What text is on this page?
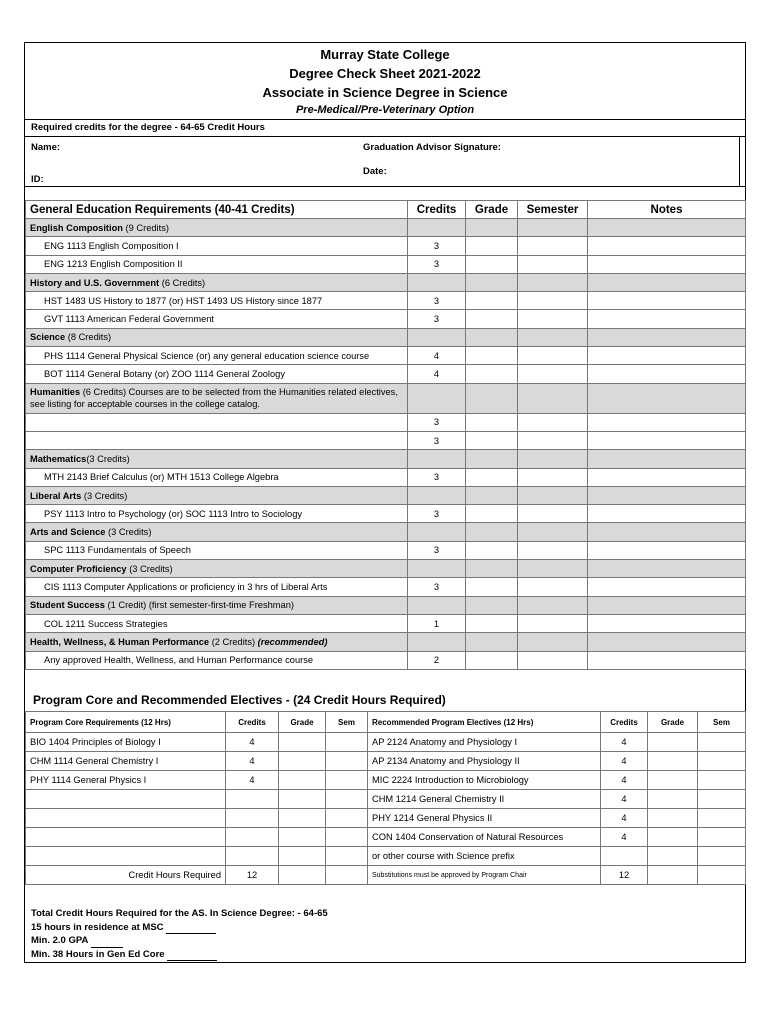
Murray State College
Degree Check Sheet 2021-2022
Associate in Science Degree in Science
Pre-Medical/Pre-Veterinary Option
Required credits for the degree - 64-65 Credit Hours
Name:	Graduation Advisor Signature:
Date:
ID:
General Education Requirements (40-41 Credits)	Credits	Grade	Semester	Notes
English Composition (9 Credits)				
ENG 1113 English Composition I	3			
ENG 1213 English Composition II	3			
History and U.S. Government (6 Credits)				
HST 1483 US History to 1877 (or) HST 1493 US History since 1877	3			
GVT 1113 American Federal Government	3			
Science (8 Credits)				
PHS 1114 General Physical Science (or) any general education science course	4			
BOT 1114 General Botany (or) ZOO 1114 General Zoology	4			
Humanities (6 Credits) Courses are to be selected from the Humanities related electives, see listing for acceptable courses in the college catalog.				
	3			
	3			
Mathematics(3 Credits)				
MTH 2143 Brief Calculus (or) MTH 1513 College Algebra	3			
Liberal Arts (3 Credits)				
PSY 1113 Intro to Psychology (or) SOC 1113 Intro to Sociology	3			
Arts and Science (3 Credits)				
SPC 1113 Fundamentals of Speech	3			
Computer Proficiency (3 Credits)				
CIS 1113 Computer Applications or proficiency in 3 hrs of Liberal Arts	3			
Student Success (1 Credit) (first semester-first-time Freshman)				
COL 1211 Success Strategies	1			
Health, Wellness, & Human Performance (2 Credits) (recommended)				
Any approved Health, Wellness, and Human Performance course	2			
Program Core and Recommended Electives - (24 Credit Hours Required)
Program Core Requirements (12 Hrs)	Credits	Grade	Sem	Recommended Program Electives (12 Hrs)	Credits	Grade	Sem
BIO 1404 Principles of Biology I	4			AP 2124 Anatomy and Physiology I	4		
CHM 1114 General Chemistry I	4			AP 2134 Anatomy and Physiology II	4		
PHY 1114 General Physics I	4			MIC 2224 Introduction to Microbiology	4		
				CHM 1214 General Chemistry II	4		
				PHY 1214 General Physics II	4		
				CON 1404 Conservation of Natural Resources	4		
				or other course with Science prefix			
Credit Hours Required	12			Substitutions must be approved by Program Chair	12		
Total Credit Hours Required for the AS. In Science Degree: - 64-65
15 hours in residence at MSC
Min. 2.0 GPA
Min. 38 Hours in Gen Ed Core
